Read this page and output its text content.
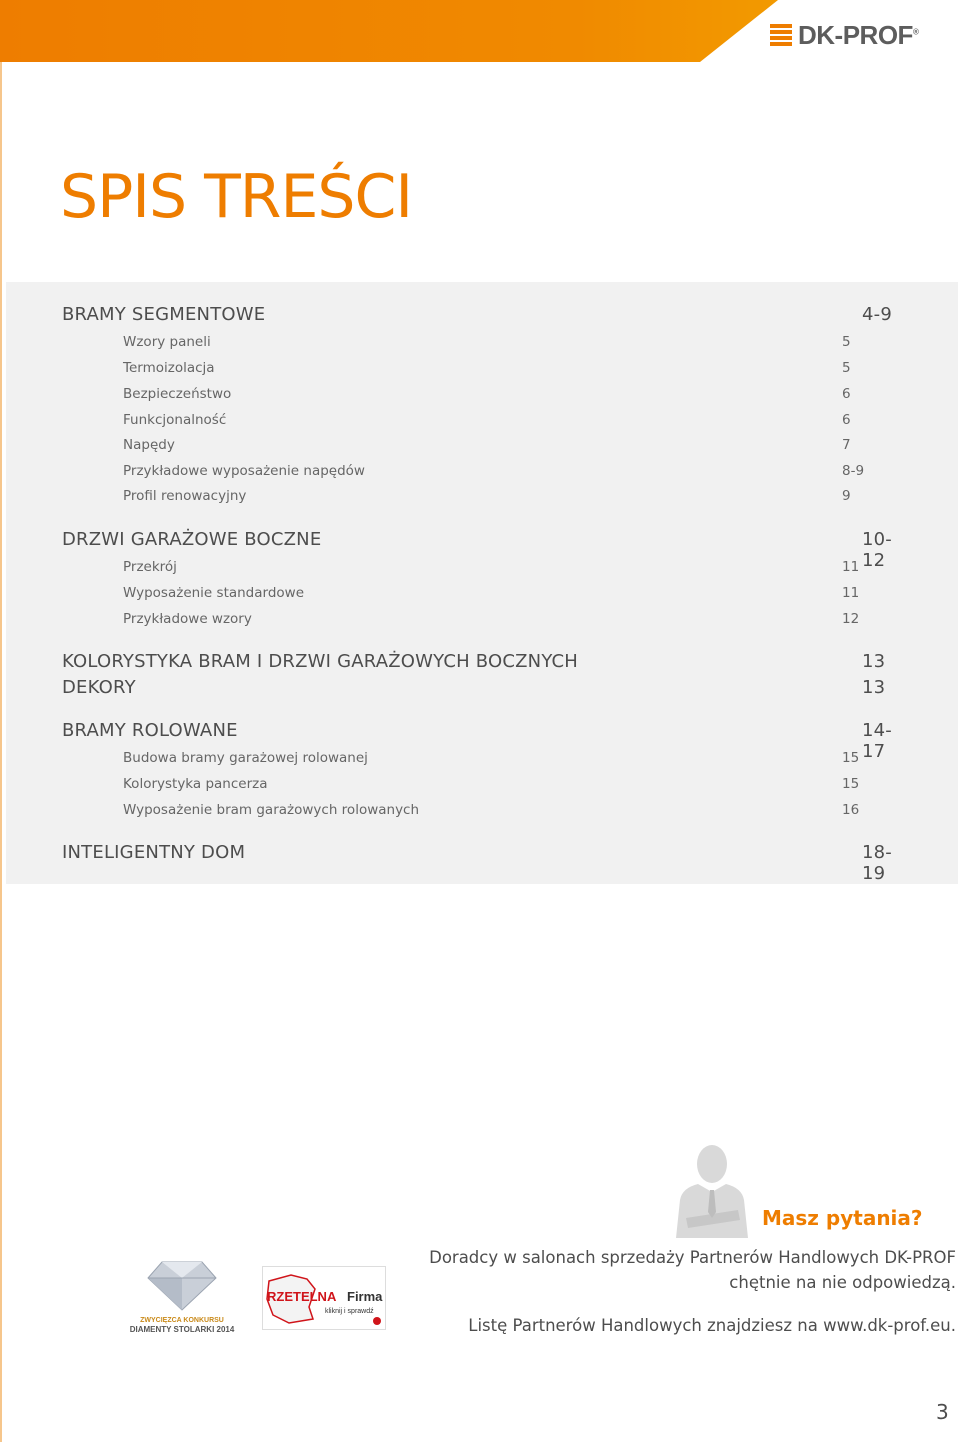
DK-PROF®
SPIS TREŚCI
BRAMY SEGMENTOWE	4-9
Wzory paneli	5
Termoizolacja	5
Bezpieczeństwo	6
Funkcjonalność	6
Napędy	7
Przykładowe wyposażenie napędów	8-9
Profil renowacyjny	9
DRZWI GARAŻOWE BOCZNE	10-12
Przekrój	11
Wyposażenie standardowe	11
Przykładowe wzory	12
KOLORYSTYKA BRAM I DRZWI GARAŻOWYCH BOCZNYCH	13
DEKORY	13
BRAMY ROLOWANE	14-17
Budowa bramy garażowej rolowanej	15
Kolorystyka pancerza	15
Wyposażenie bram garażowych rolowanych	16
INTELIGENTNY DOM	18-19
Masz pytania?
Doradcy w salonach sprzedaży Partnerów Handlowych DK-PROF
chętnie na nie odpowiedzą.
Listę Partnerów Handlowych znajdziesz na www.dk-prof.eu.
ZWYCIĘZCA KONKURSU
DIAMENTY STOLARKI 2014
RZETELNA Firma
kliknij i sprawdź
3
